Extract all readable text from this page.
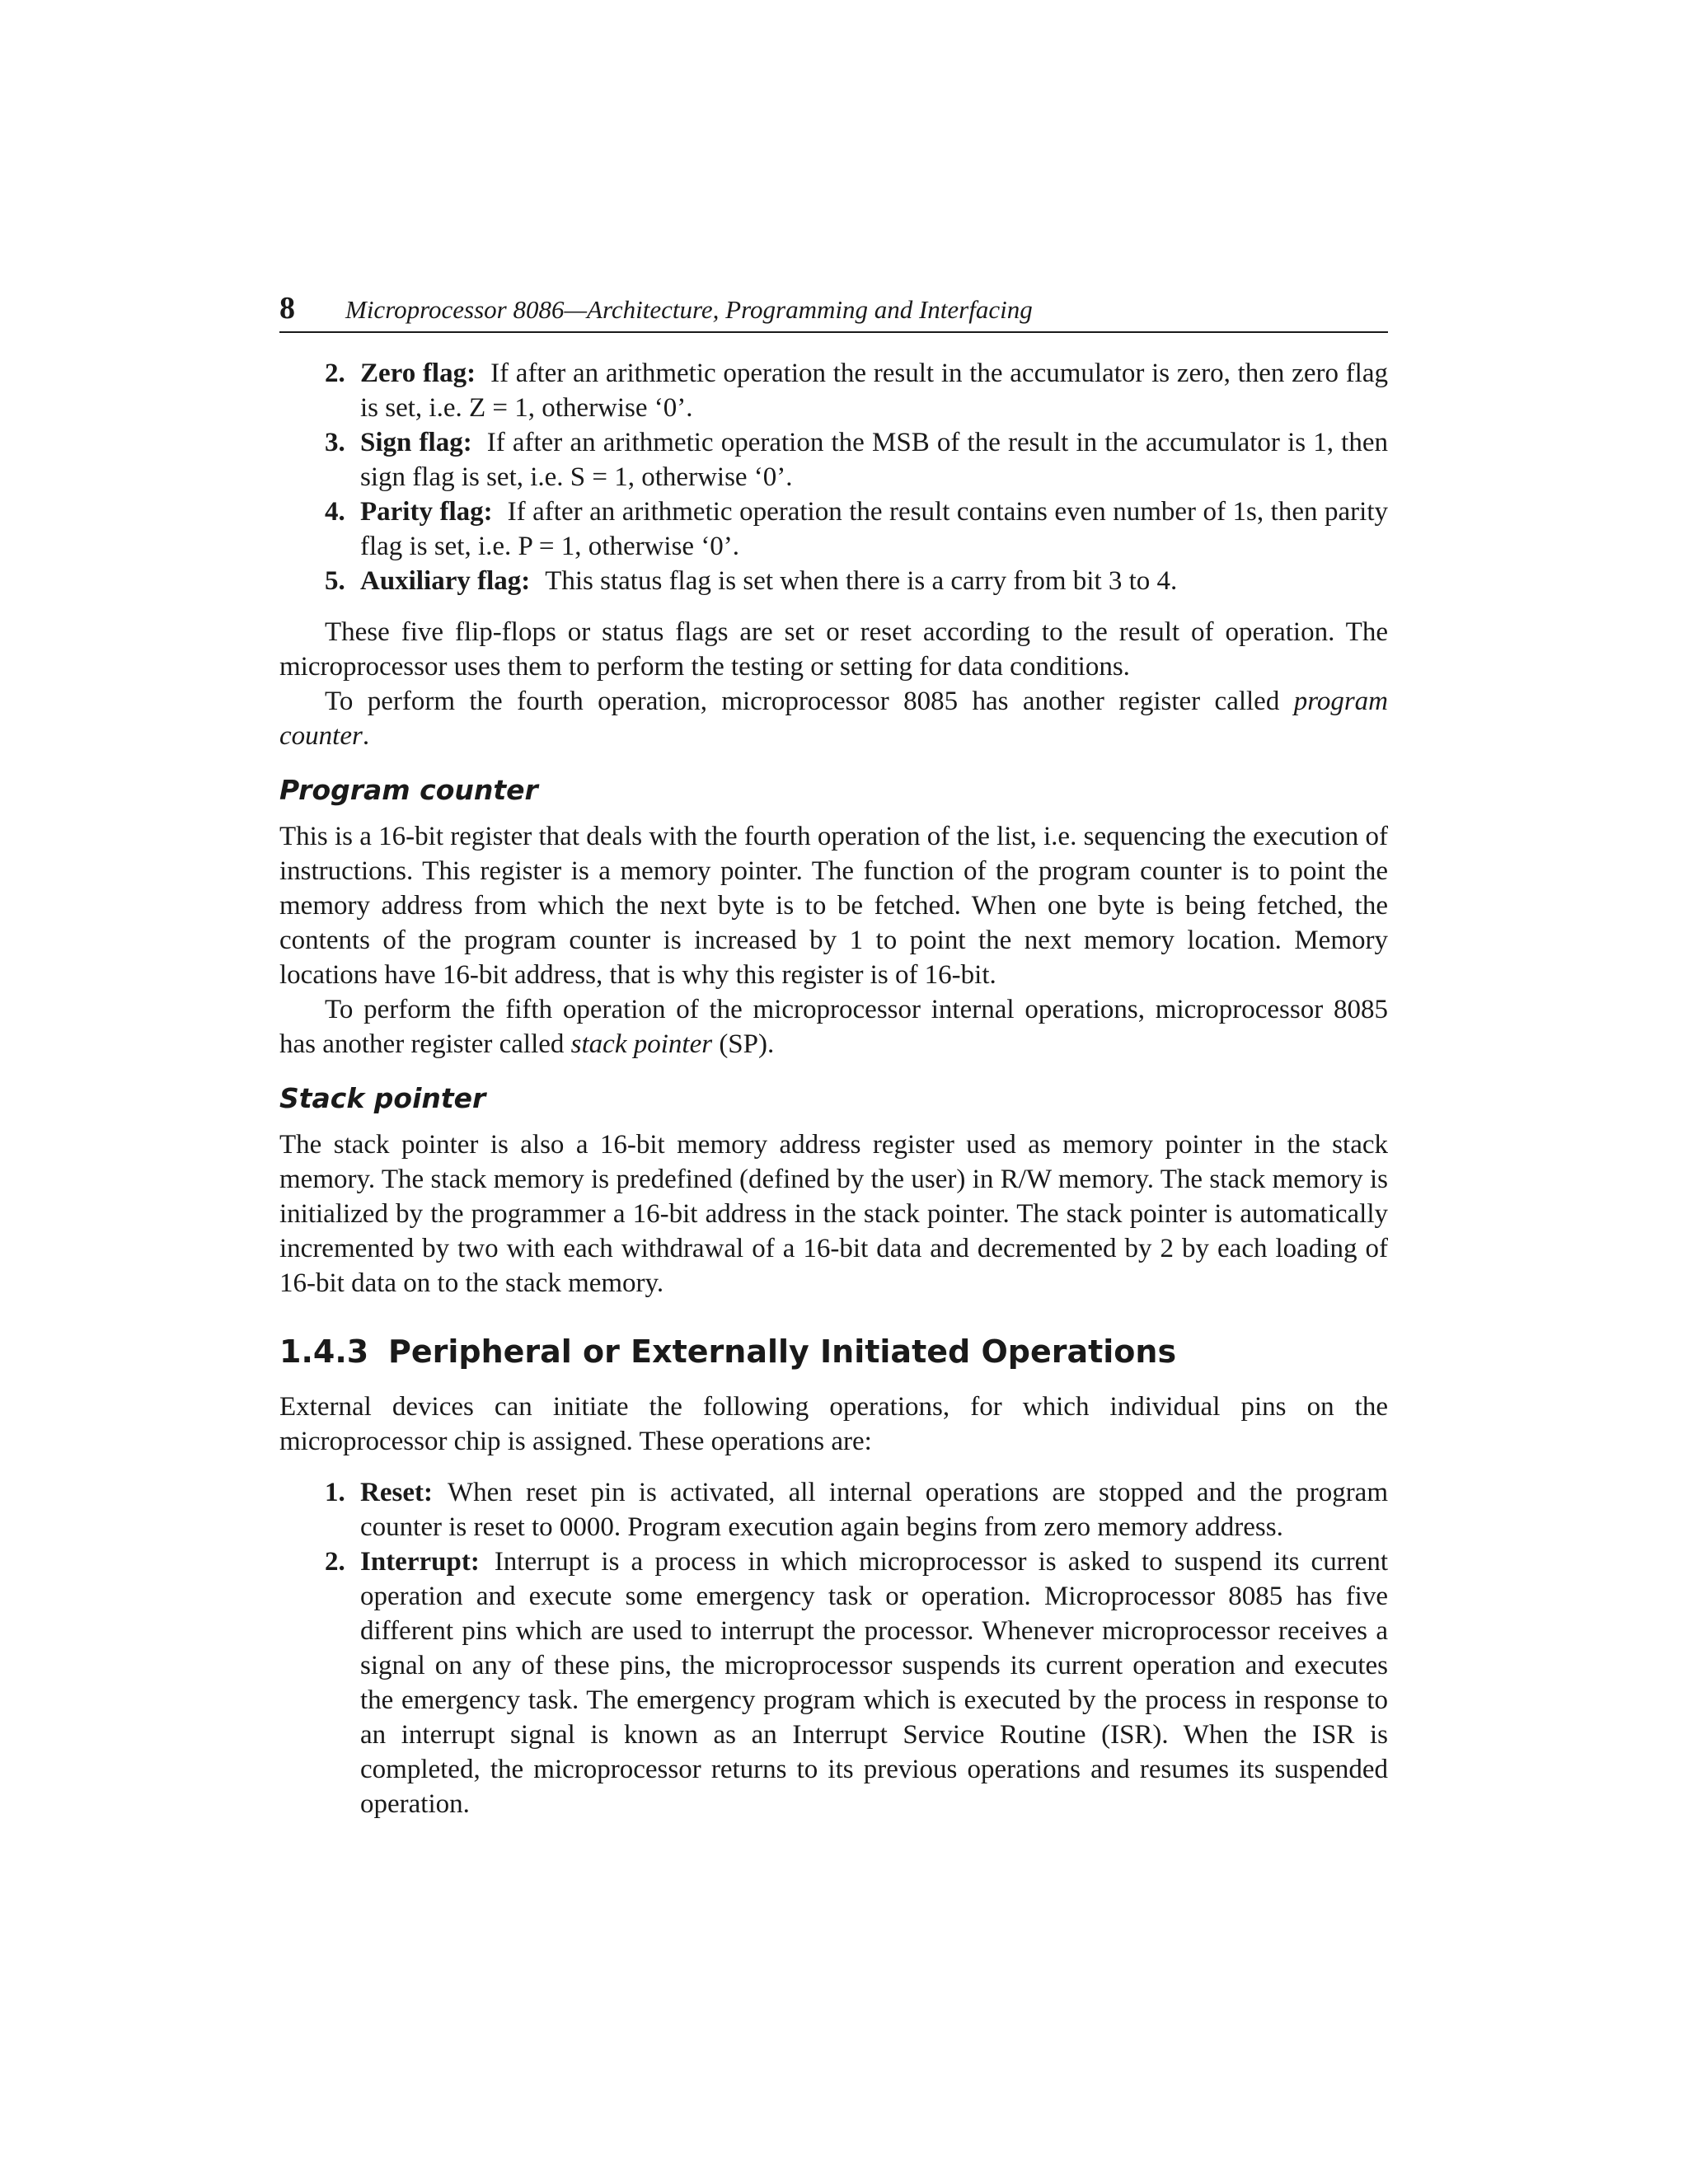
8	Microprocessor 8086—Architecture, Programming and Interfacing
2. Zero flag: If after an arithmetic operation the result in the accumulator is zero, then zero flag is set, i.e. Z = 1, otherwise ‘0’.
3. Sign flag: If after an arithmetic operation the MSB of the result in the accumulator is 1, then sign flag is set, i.e. S = 1, otherwise ‘0’.
4. Parity flag: If after an arithmetic operation the result contains even number of 1s, then parity flag is set, i.e. P = 1, otherwise ‘0’.
5. Auxiliary flag: This status flag is set when there is a carry from bit 3 to 4.

These five flip-flops or status flags are set or reset according to the result of operation. The microprocessor uses them to perform the testing or setting for data conditions.

To perform the fourth operation, microprocessor 8085 has another register called program counter.

Program counter

This is a 16-bit register that deals with the fourth operation of the list, i.e. sequencing the execution of instructions. This register is a memory pointer. The function of the program counter is to point the memory address from which the next byte is to be fetched. When one byte is being fetched, the contents of the program counter is increased by 1 to point the next memory location. Memory locations have 16-bit address, that is why this register is of 16-bit.

To perform the fifth operation of the microprocessor internal operations, microprocessor 8085 has another register called stack pointer (SP).

Stack pointer

The stack pointer is also a 16-bit memory address register used as memory pointer in the stack memory. The stack memory is predefined (defined by the user) in R/W memory. The stack memory is initialized by the programmer a 16-bit address in the stack pointer. The stack pointer is automatically incremented by two with each withdrawal of a 16-bit data and decremented by 2 by each loading of 16-bit data on to the stack memory.

1.4.3 Peripheral or Externally Initiated Operations

External devices can initiate the following operations, for which individual pins on the microprocessor chip is assigned. These operations are:

1. Reset: When reset pin is activated, all internal operations are stopped and the program counter is reset to 0000. Program execution again begins from zero memory address.
2. Interrupt: Interrupt is a process in which microprocessor is asked to suspend its current operation and execute some emergency task or operation. Microprocessor 8085 has five different pins which are used to interrupt the processor. Whenever microprocessor receives a signal on any of these pins, the microprocessor suspends its current operation and executes the emergency task. The emergency program which is executed by the process in response to an interrupt signal is known as an Interrupt Service Routine (ISR). When the ISR is completed, the microprocessor returns to its previous operations and resumes its suspended operation.
